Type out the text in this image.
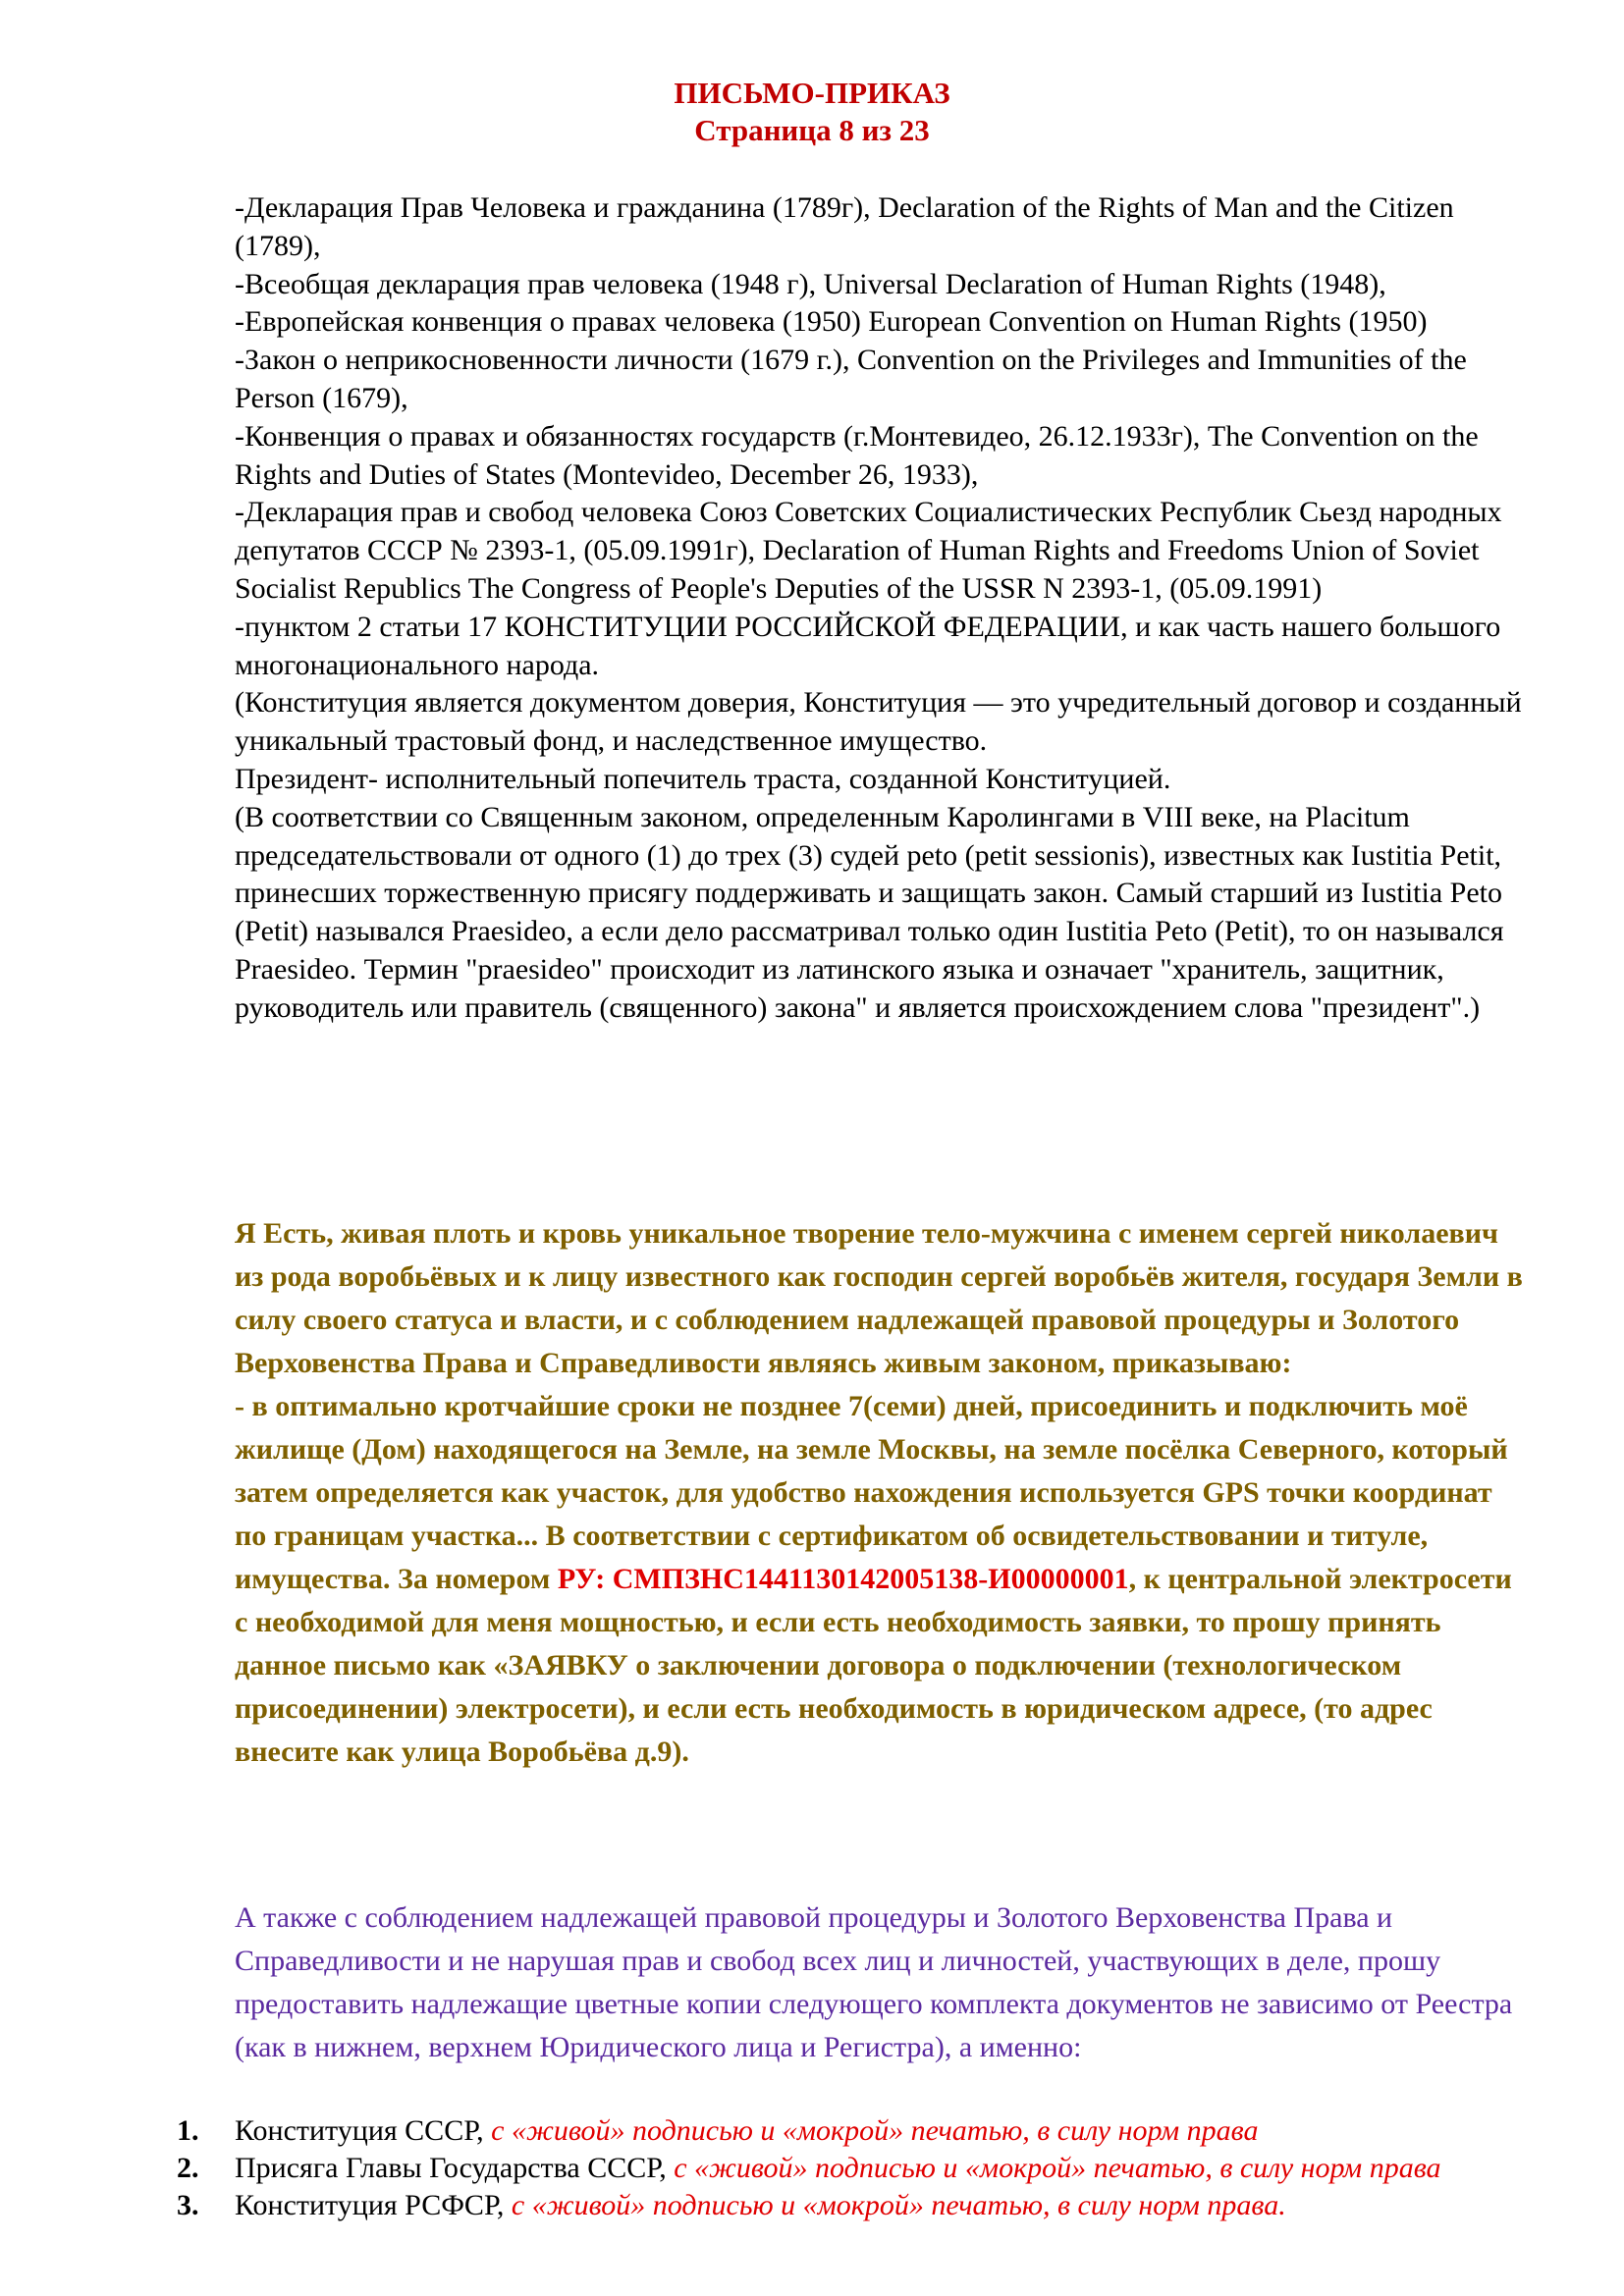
ПИСЬМО-ПРИКАЗ
Страница 8 из 23

-Декларация Прав Человека и гражданина (1789г), Declaration of the Rights of Man and the Citizen (1789),

-Всеобщая декларация прав человека (1948 г), Universal Declaration of Human Rights (1948),

-Европейская конвенция о правах человека (1950) European Convention on Human Rights (1950)

-Закон о неприкосновенности личности (1679 г.), Convention on the Privileges and Immunities of the Person (1679),

-Конвенция о правах и обязанностях государств (г.Монтевидео, 26.12.1933г), The Convention on the Rights and Duties of States (Montevideo, December 26, 1933),

-Декларация прав и свобод человека Союз Советских Социалистических Республик Сьезд народных депутатов СССР № 2393-1, (05.09.1991г), Declaration of Human Rights and Freedoms Union of Soviet Socialist Republics The Congress of People's Deputies of the USSR N 2393-1, (05.09.1991)

-пунктом 2 статьи 17 КОНСТИТУЦИИ РОССИЙСКОЙ ФЕДЕРАЦИИ, и как часть нашего большого многонационального народа.

(Конституция является документом доверия, Конституция — это учредительный договор и созданный уникальный трастовый фонд, и наследственное имущество.

Президент- исполнительный попечитель траста, созданной Конституцией.

(В соответствии со Священным законом, определенным Каролингами в VIII веке, на Placitum председательствовали от одного (1) до трех (3) судей peto (petit sessionis), известных как Iustitia Petit, принесших торжественную присягу поддерживать и защищать закон. Самый старший из Iustitia Peto (Petit) назывался Praesideo, а если дело рассматривал только один Iustitia Peto (Petit), то он назывался Praesideo. Термин "praesideo" происходит из латинского языка и означает "хранитель, защитник, руководитель или правитель (священного) закона" и является происхождением слова "президент".)

Я Есть, живая плоть и кровь уникальное творение тело-мужчина с именем сергей николаевич из рода воробьёвых и к лицу известного как господин сергей воробьёв жителя, государя Земли в силу своего статуса и власти, и с соблюдением надлежащей правовой процедуры и Золотого Верховенства Права и Справедливости являясь живым законом, приказываю:

- в оптимально кротчайшие сроки не позднее 7(семи) дней, присоединить и подключить моё жилище (Дом) находящегося на Земле, на земле Москвы, на земле посёлка Северного, который затем определяется как участок, для удобство нахождения используется GPS точки координат по границам участка... В соответствии с сертификатом об освидетельствовании и титуле, имущества. За номером РУ: СМПЗНС1441130142005138-И00000001, к центральной электросети с необходимой для меня мощностью, и если есть необходимость заявки, то прошу принять данное письмо как «ЗАЯВКУ о заключении договора о подключении (технологическом присоединении) электросети), и если есть необходимость в юридическом адресе, (то адрес внесите как улица Воробьёва д.9).

А также с соблюдением надлежащей правовой процедуры и Золотого Верховенства Права и Справедливости и не нарушая прав и свобод всех лиц и личностей, участвующих в деле, прошу предоставить надлежащие цветные копии следующего комплекта документов не зависимо от Реестра (как в нижнем, верхнем Юридического лица и Регистра), а именно:

1.	Конституция СССР, с «живой» подписью и «мокрой» печатью, в силу норм права
2.	Присяга Главы Государства СССР, с «живой» подписью и «мокрой» печатью, в силу норм права
3.	Конституция РСФСР, с «живой» подписью и «мокрой» печатью, в силу норм права.
